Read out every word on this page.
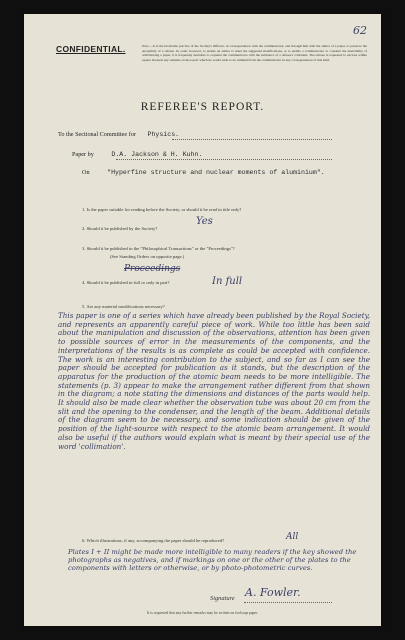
62
CONFIDENTIAL.	Note.—It is the invariable practice of the Society's Officers, in correspondence with the communicator, and through him with the author of a paper, to preserve the anonymity of a referee. In order, however, to enable an author to meet the suggested modifications, or to enable a communicator to consider the desirability of withdrawing a paper, it is frequently desirable to acquaint the communicator with the substance of a referee's criticisms. The referee is requested to enclose within square brackets any remarks on his report which he would wish to be withheld from the communicator in any correspondence of this kind.
REFEREE'S REPORT.
To the Sectional Committee for Physics.
Paper by	D.A. Jackson & H. Kuhn.
On	"Hyperfine structure and nuclear moments of aluminium".
1. Is the paper suitable for reading before the Society, or should it be read in title only?
2. Should it be published by the Society?
Yes
3. Should it be published in the "Philosophical Transactions" or the "Proceedings"?
(See Standing Orders on opposite page.)
Proceedings
4. Should it be published in full or only in part?	In full
5. Are any material modifications necessary?
This paper is one of a series which have already been published by the Royal Society, and represents an apparently careful piece of work. While too little has been said about the manipulation and discussion of the observations, attention has been given to possible sources of error in the measurements of the components, and the interpretations of the results is as complete as could be accepted with confidence. The work is an interesting contribution to the subject, and so far as I can see the paper should be accepted for publication as it stands, but the description of the apparatus for the production of the atomic beam needs to be more intelligible. The statements (p. 3) appear to make the arrangement rather different from that shown in the diagram; a note stating the dimensions and distances of the parts would help. It should also be made clear whether the observation tube was about 20 cm from the slit and the opening to the condenser, and the length of the beam. Additional details of the diagram seem to be necessary, and some indication should be given of the position of the light-source with respect to the atomic beam arrangement. It would also be useful if the authors would explain what is meant by their special use of the word 'collimation'.
6. Which illustrations, if any, accompanying the paper should be reproduced?	All
Plates I + II might be made more intelligible to many readers if the key showed the photographs as negatives, and if markings on one or the other of the plates to the components with letters or otherwise, or by photo-photometric curves.
Signature A. Fowler.
It is requested that any further remarks may be written on foolscap paper.
